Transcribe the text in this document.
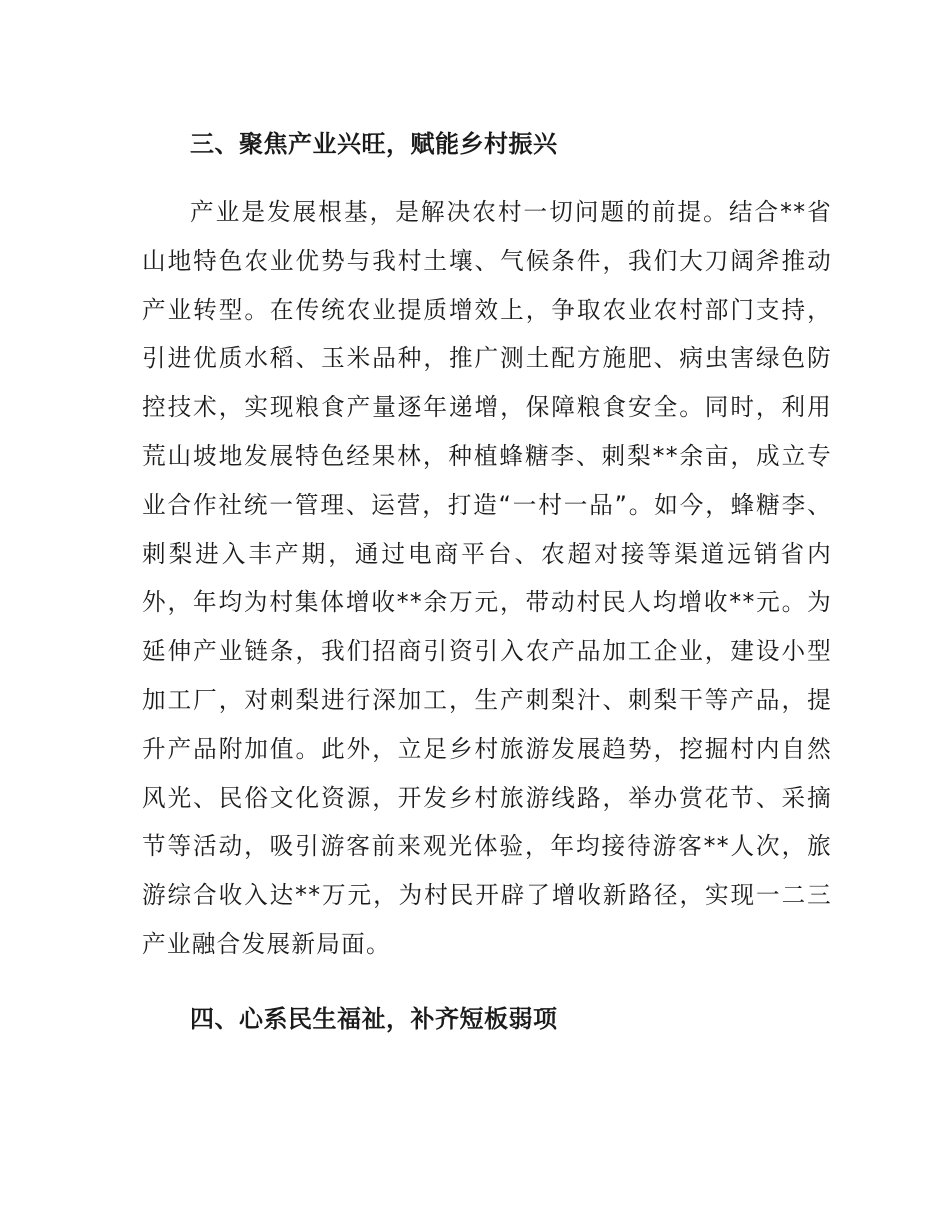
三、聚焦产业兴旺，赋能乡村振兴

产业是发展根基，是解决农村一切问题的前提。结合**省山地特色农业优势与我村土壤、气候条件，我们大刀阔斧推动产业转型。在传统农业提质增效上，争取农业农村部门支持，引进优质水稻、玉米品种，推广测土配方施肥、病虫害绿色防控技术，实现粮食产量逐年递增，保障粮食安全。同时，利用荒山坡地发展特色经果林，种植蜂糖李、刺梨**余亩，成立专业合作社统一管理、运营，打造“一村一品”。如今，蜂糖李、刺梨进入丰产期，通过电商平台、农超对接等渠道远销省内外，年均为村集体增收**余万元，带动村民人均增收**元。为延伸产业链条，我们招商引资引入农产品加工企业，建设小型加工厂，对刺梨进行深加工，生产刺梨汁、刺梨干等产品，提升产品附加值。此外，立足乡村旅游发展趋势，挖掘村内自然风光、民俗文化资源，开发乡村旅游线路，举办赏花节、采摘节等活动，吸引游客前来观光体验，年均接待游客**人次，旅游综合收入达**万元，为村民开辟了增收新路径，实现一二三产业融合发展新局面。

四、心系民生福祉，补齐短板弱项
